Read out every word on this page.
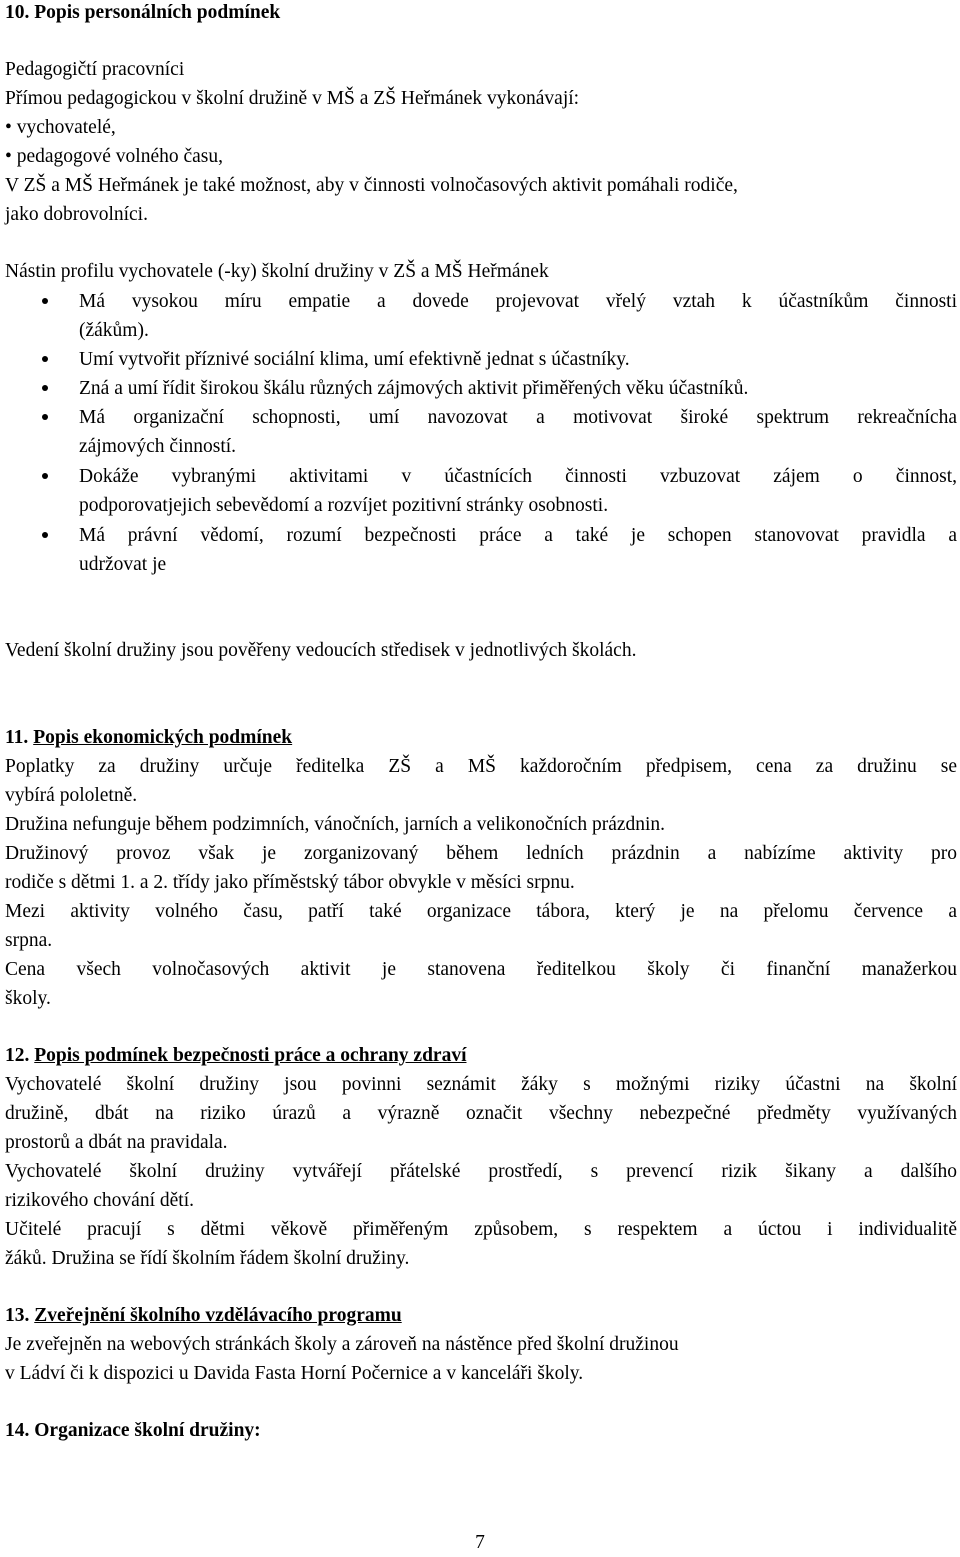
10. Popis personálních podmínek
Pedagogičtí pracovníci
Přímou pedagogickou v školní družině v MŠ a ZŠ Heřmánek vykonávají:
• vychovatelé,
• pedagogové volného času,
V ZŠ a MŠ Heřmánek je také možnost, aby v činnosti volnočasových aktivit pomáhali rodiče,
jako dobrovolníci.
Nástin profilu vychovatele (-ky) školní družiny v ZŠ a MŠ Heřmánek
Má vysokou míru empatie a dovede projevovat vřelý vztah k účastníkům činnosti
(žákům).
Umí vytvořit příznivé sociální klima, umí efektivně jednat s účastníky.
Zná a umí řídit širokou škálu různých zájmových aktivit přiměřených věku účastníků.
Má organizační schopnosti, umí navozovat a motivovat široké spektrum rekreačnícha
zájmových činností.
Dokáže vybranými aktivitami v účastnících činnosti vzbuzovat zájem o činnost,
podporovatjejich sebevědomí a rozvíjet pozitivní stránky osobnosti.
Má právní vědomí, rozumí bezpečnosti práce a také je schopen stanovovat pravidla a
udržovat je
Vedení školní družiny jsou pověřeny vedoucích středisek v jednotlivých školách.
11. Popis ekonomických podmínek
Poplatky za družiny určuje ředitelka ZŠ a MŠ každoročním předpisem, cena za družinu se
vybírá pololetně.
Družina nefunguje během podzimních, vánočních, jarních a velikonočních prázdnin.
Družinový provoz však je zorganizovaný během ledních prázdnin a nabízíme aktivity pro
rodiče s dětmi 1. a 2. třídy jako příměstský tábor obvykle v měsíci srpnu.
Mezi aktivity volného času, patří také organizace tábora, který je na přelomu července a
srpna.
Cena všech volnočasových aktivit je stanovena ředitelkou školy či finanční manažerkou
školy.
12. Popis podmínek bezpečnosti práce a ochrany zdraví
Vychovatelé školní družiny jsou povinni seznámit žáky s možnými riziky účastni na školní
družině, dbát na riziko úrazů a výrazně označit všechny nebezpečné předměty využívaných
prostorů a dbát na pravidala.
Vychovatelé školní drużiny vytvářejí přátelské prostředí, s prevencí rizik šikany a dalšího
rizikového chování dětí.
Učitelé pracují s dětmi věkově přiměřeným způsobem, s respektem a úctou i individualitě
žáků. Družina se řídí školním řádem školní družiny.
13. Zveřejnění školního vzdělávacího programu
Je zveřejněn na webových stránkách školy a zároveň na nástěnce před školní družinou
v Ládví či k dispozici u Davida Fasta Horní Počernice a v kanceláři školy.
14. Organizace školní družiny:
7
